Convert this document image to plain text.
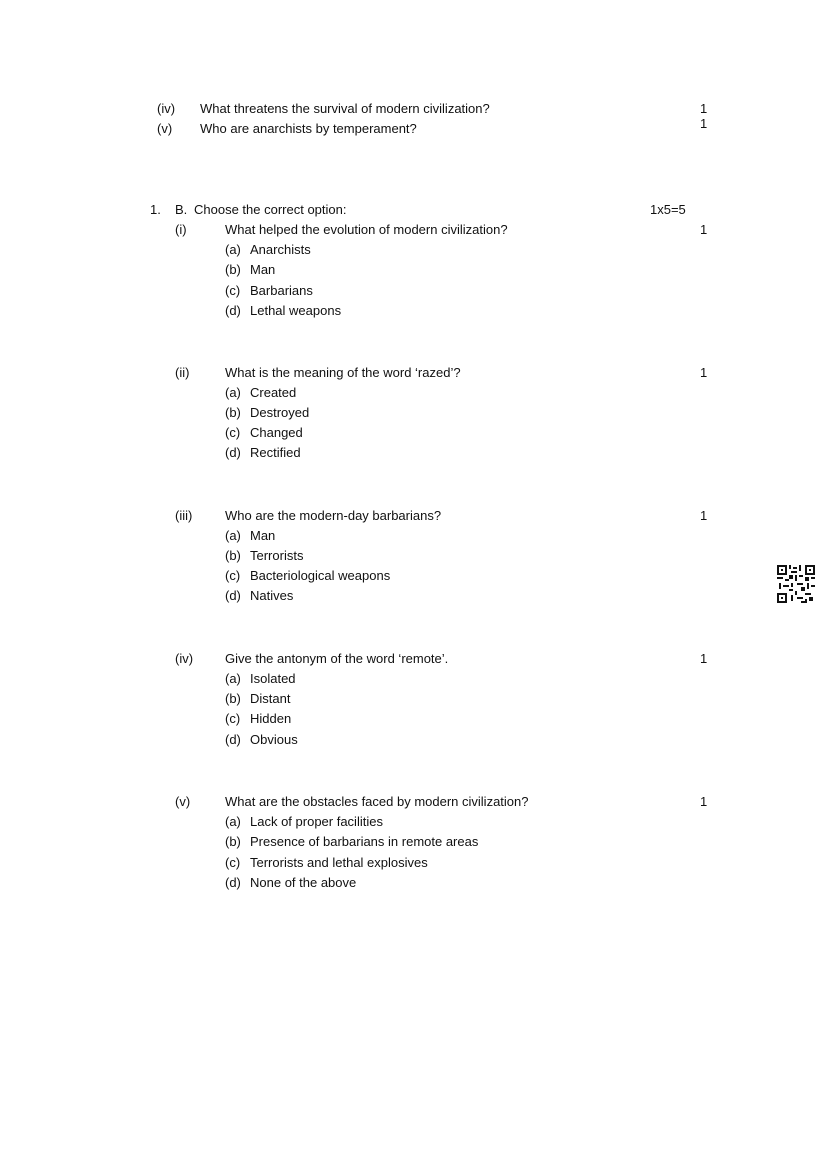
(iv) What threatens the survival of modern civilization?	1
(v) Who are anarchists by temperament?	1
1. B. Choose the correct option:	1x5=5
(i)	What helped the evolution of modern civilization?	1
(a) Anarchists
(b) Man
(c) Barbarians
(d) Lethal weapons
(ii)	What is the meaning of the word ‘razed’?	1
(a) Created
(b) Destroyed
(c) Changed
(d) Rectified
(iii)	Who are the modern-day barbarians?	1
(a) Man
(b) Terrorists
(c) Bacteriological weapons
(d) Natives
(iv) Give the antonym of the word ‘remote’.	1
(a) Isolated
(b) Distant
(c) Hidden
(d) Obvious
(v)	What are the obstacles faced by modern civilization?	1
(a) Lack of proper facilities
(b) Presence of barbarians in remote areas
(c) Terrorists and lethal explosives
(d) None of the above
